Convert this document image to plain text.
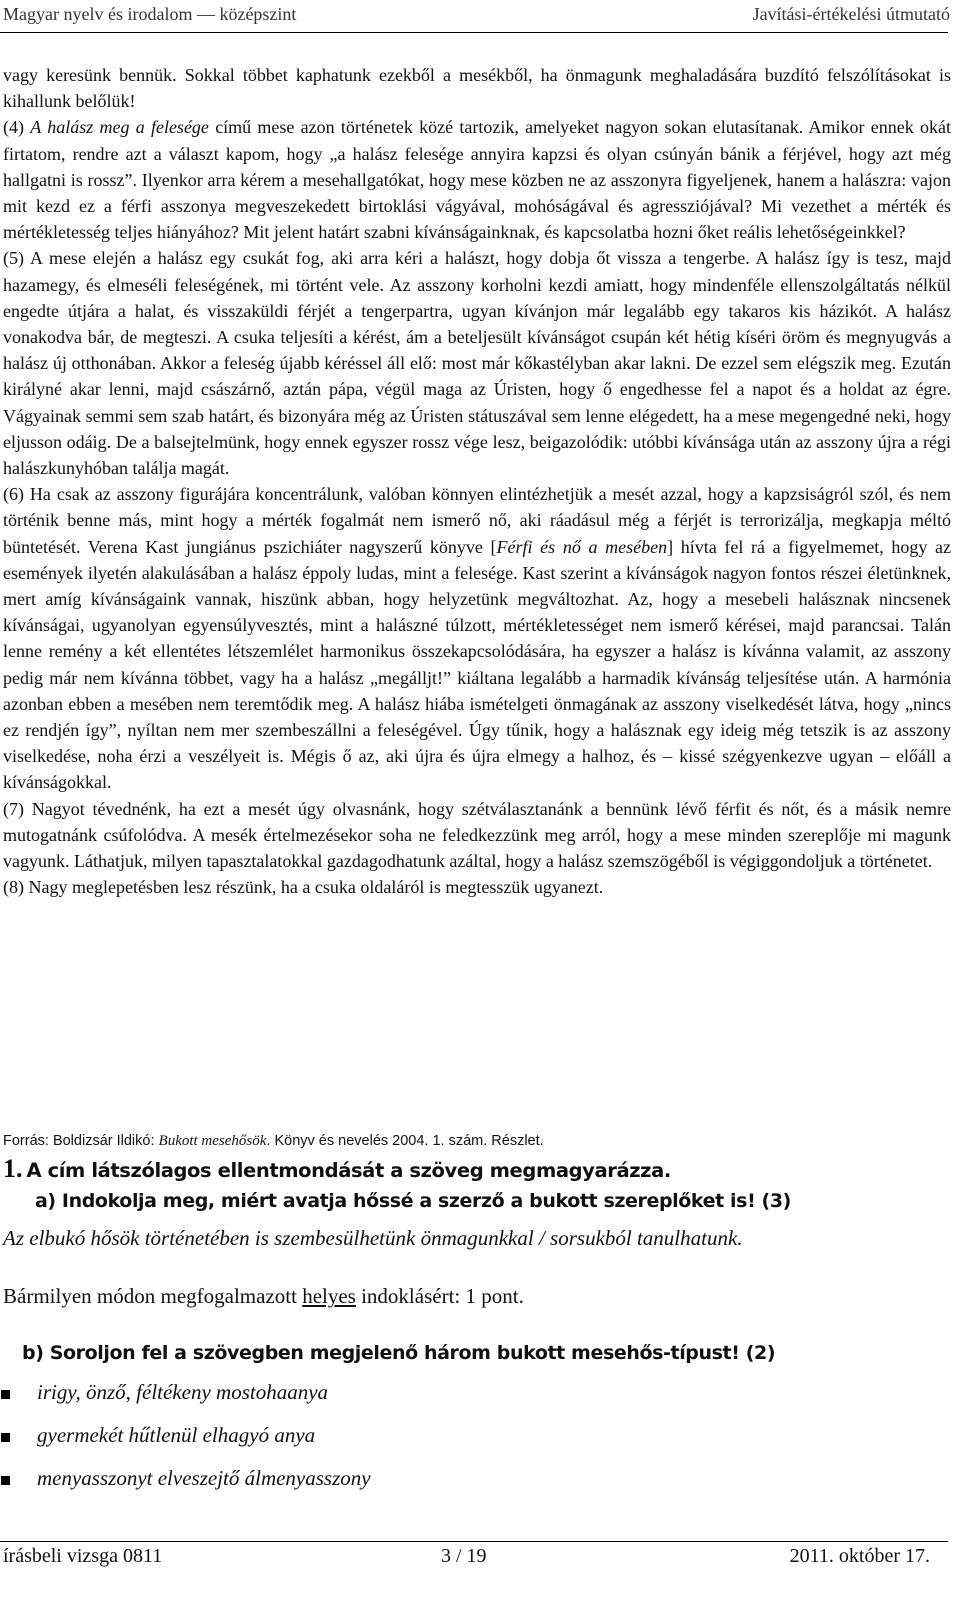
Magyar nyelv és irodalom — középszint	Javítási-értékelési útmutató

vagy keresünk bennük. Sokkal többet kaphatunk ezekből a mesékből, ha önmagunk meghaladására buzdító felszólításokat is kihallunk belőlük!

(4) A halász meg a felesége című mese azon történetek közé tartozik, amelyeket nagyon sokan elutasítanak. Amikor ennek okát firtatom, rendre azt a választ kapom, hogy „a halász felesége annyira kapzsi és olyan csúnyán bánik a férjével, hogy azt még hallgatni is rossz”. Ilyenkor arra kérem a mesehallgatókat, hogy mese közben ne az asszonyra figyeljenek, hanem a halászra: vajon mit kezd ez a férfi asszonya megveszekedett birtoklási vágyával, mohóságával és agressziójával? Mi vezethet a mérték és mértékletesség teljes hiányához? Mit jelent határt szabni kívánságainknak, és kapcsolatba hozni őket reális lehetőségeinkkel?

(5) A mese elején a halász egy csukát fog, aki arra kéri a halászt, hogy dobja őt vissza a tengerbe. A halász így is tesz, majd hazamegy, és elmeséli feleségének, mi történt vele. Az asszony korholni kezdi amiatt, hogy mindenféle ellenszolgáltatás nélkül engedte útjára a halat, és visszaküldi férjét a tengerpartra, ugyan kívánjon már legalább egy takaros kis házikót. A halász vonakodva bár, de megteszi. A csuka teljesíti a kérést, ám a beteljesült kívánságot csupán két hétig kíséri öröm és megnyugvás a halász új otthonában. Akkor a feleség újabb kéréssel áll elő: most már kőkastélyban akar lakni. De ezzel sem elégszik meg. Ezután királyné akar lenni, majd császárnő, aztán pápa, végül maga az Úristen, hogy ő engedhesse fel a napot és a holdat az égre. Vágyainak semmi sem szab határt, és bizonyára még az Úristen státuszával sem lenne elégedett, ha a mese megengedné neki, hogy eljusson odáig. De a balsejtelmünk, hogy ennek egyszer rossz vége lesz, beigazolódik: utóbbi kívánsága után az asszony újra a régi halászkunyhóban találja magát.

(6) Ha csak az asszony figurájára koncentrálunk, valóban könnyen elintézhetjük a mesét azzal, hogy a kapzsiságról szól, és nem történik benne más, mint hogy a mérték fogalmát nem ismerő nő, aki ráadásul még a férjét is terrorizálja, megkapja méltó büntetését. Verena Kast jungiánus pszichiáter nagyszerű könyve [Férfi és nő a mesében] hívta fel rá a figyelmemet, hogy az események ilyetén alakulásában a halász éppoly ludas, mint a felesége. Kast szerint a kívánságok nagyon fontos részei életünknek, mert amíg kívánságaink vannak, hiszünk abban, hogy helyzetünk megváltozhat. Az, hogy a mesebeli halásznak nincsenek kívánságai, ugyanolyan egyensúlyvesztés, mint a halászné túlzott, mértékletességet nem ismerő kérései, majd parancsai. Talán lenne remény a két ellentétes létszemlélet harmonikus összekapcsolódására, ha egyszer a halász is kívánna valamit, az asszony pedig már nem kívánna többet, vagy ha a halász „megálljt!” kiáltana legalább a harmadik kívánság teljesítése után. A harmónia azonban ebben a mesében nem teremtődik meg. A halász hiába ismételgeti önmagának az asszony viselkedését látva, hogy „nincs ez rendjén így”, nyíltan nem mer szembeszállni a feleségével. Úgy tűnik, hogy a halásznak egy ideig még tetszik is az asszony viselkedése, noha érzi a veszélyeit is. Mégis ő az, aki újra és újra elmegy a halhoz, és – kissé szégyenkezve ugyan – előáll a kívánságokkal.

(7) Nagyot tévednénk, ha ezt a mesét úgy olvasnánk, hogy szétválasztanánk a bennünk lévő férfit és nőt, és a másik nemre mutogatnánk csúfolódva. A mesék értelmezésekor soha ne feledkezzünk meg arról, hogy a mese minden szereplője mi magunk vagyunk. Láthatjuk, milyen tapasztalatokkal gazdagodhatunk azáltal, hogy a halász szemszögéből is végiggondoljuk a történetet.

(8) Nagy meglepetésben lesz részünk, ha a csuka oldaláról is megtesszük ugyanezt.

Forrás: Boldizsár Ildikó: Bukott mesehősök. Könyv és nevelés 2004. 1. szám. Részlet.
1. A cím látszólagos ellentmondását a szöveg megmagyarázza.
a) Indokolja meg, miért avatja hőssé a szerző a bukott szereplőket is! (3)
Az elbukó hősök történetében is szembesülhetünk önmagunkkal / sorsukból tanulhatunk.
Bármilyen módon megfogalmazott helyes indoklásért: 1 pont.
b) Soroljon fel a szövegben megjelenő három bukott mesehős-típust! (2)
irigy, önző, féltékeny mostohaanya
gyermekét hűtlenül elhagyó anya
menyasszonyt elveszejtő álmenyasszony
írásbeli vizsga 0811	3 / 19	2011. október 17.
